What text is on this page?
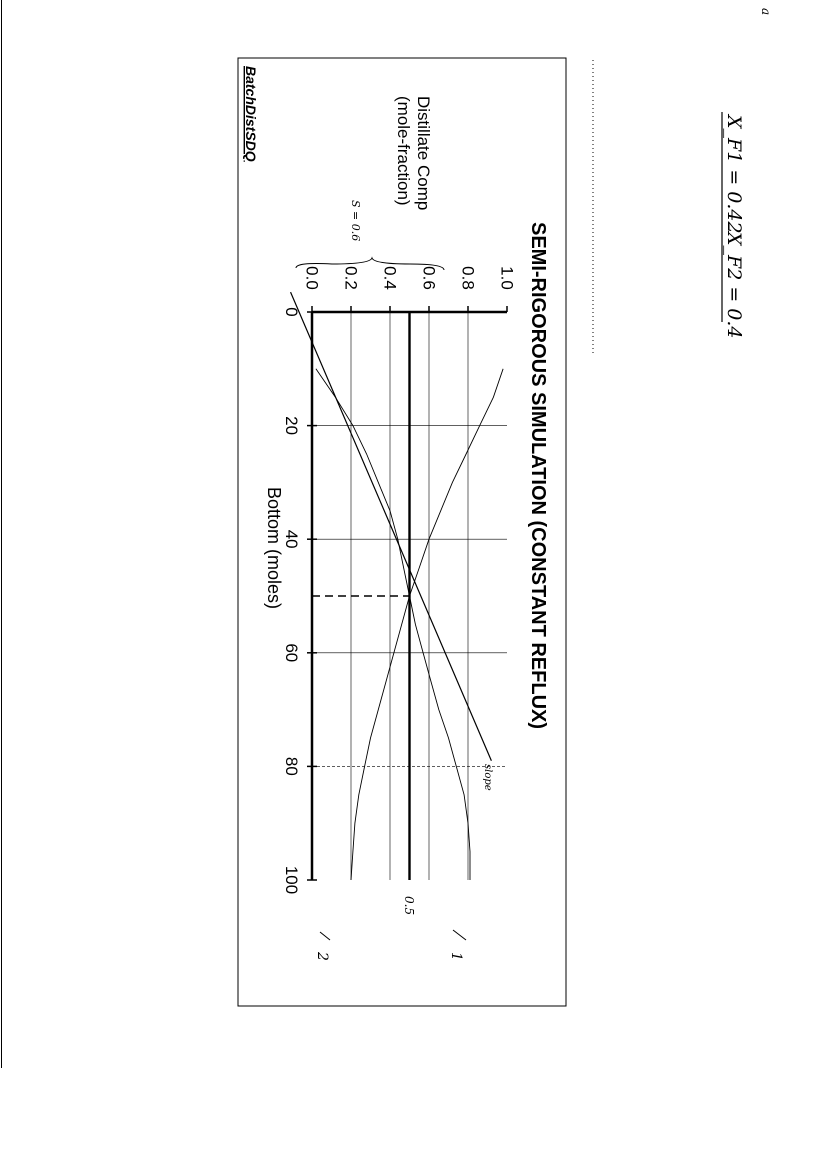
a
X_F1 = 0.42
X_F2 = 0.4
SEMI-RIGOROUS SIMULATION (CONSTANT REFLUX)
BatchDistSDQ	Distillate Comp (mole-fraction)
Bottom (moles)
0
20
40
60
80
100
0.0 0.2 0.4 0.6 0.8 1.0
S = 0.6
0.5
slope
1
2
